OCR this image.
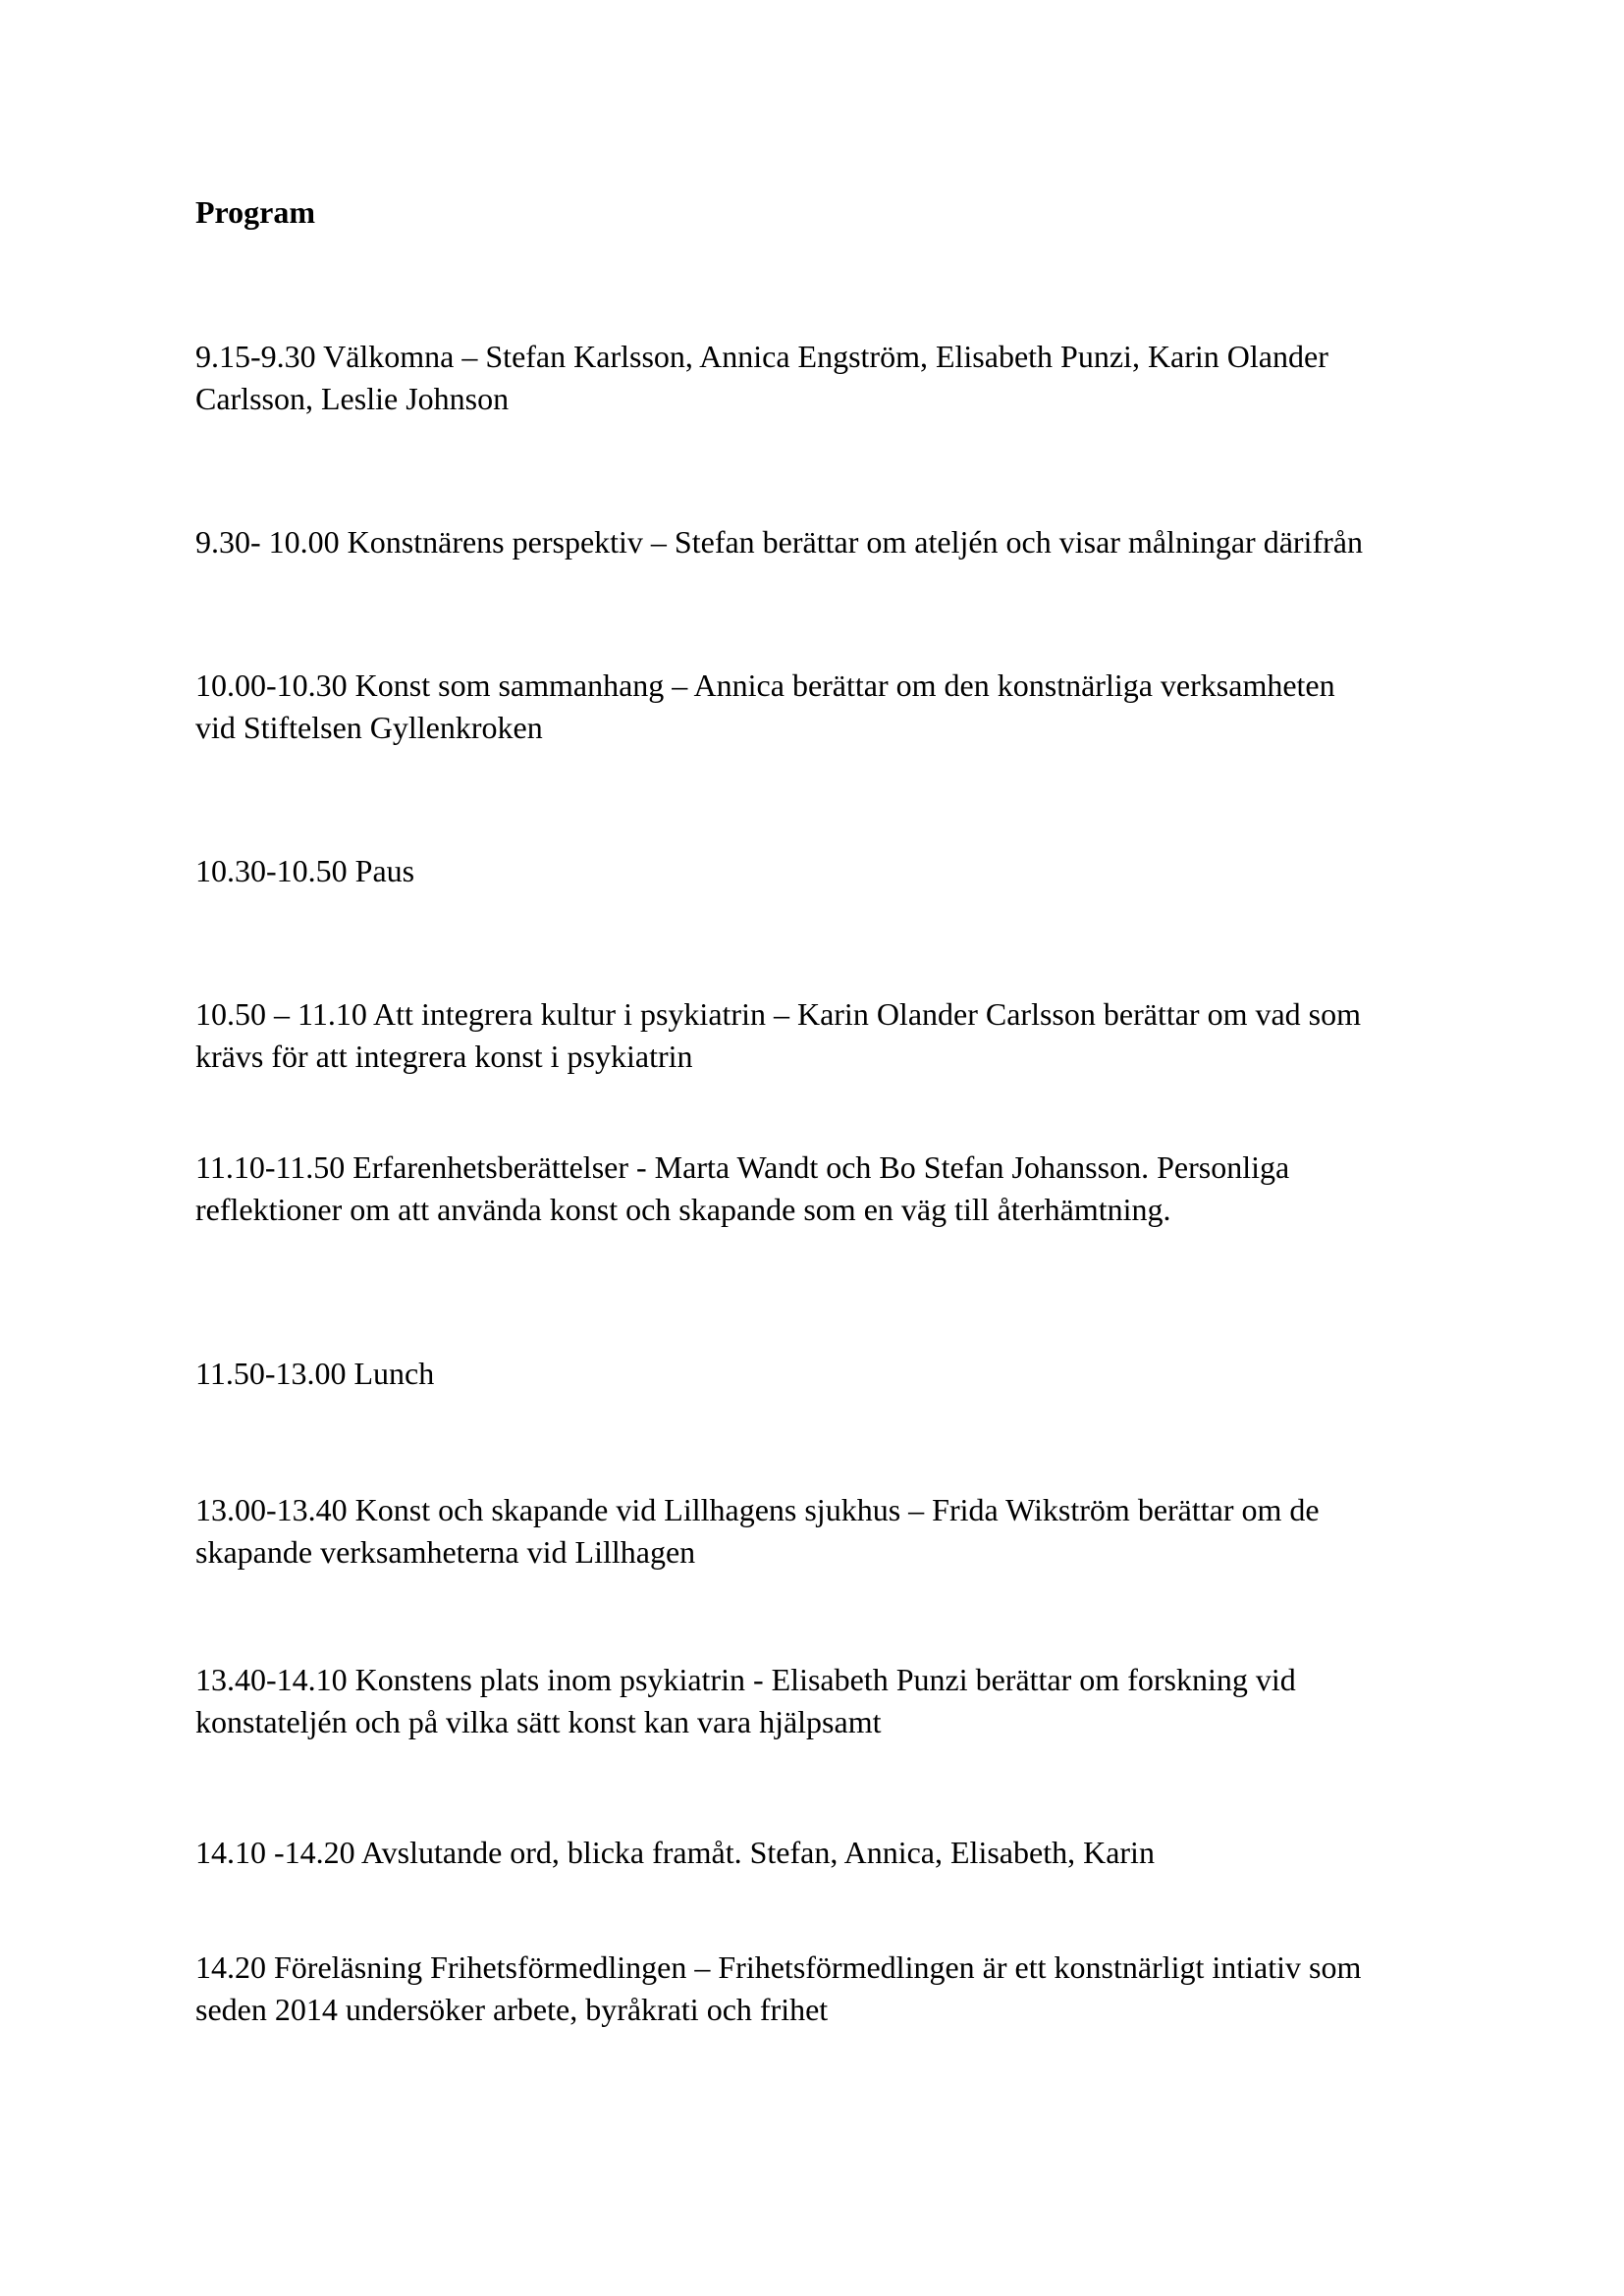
Program

9.15-9.30 Välkomna – Stefan Karlsson, Annica Engström, Elisabeth Punzi, Karin Olander
Carlsson, Leslie Johnson

9.30- 10.00 Konstnärens perspektiv – Stefan berättar om ateljén och visar målningar därifrån

10.00-10.30 Konst som sammanhang – Annica berättar om den konstnärliga verksamheten
vid Stiftelsen Gyllenkroken

10.30-10.50 Paus

10.50 – 11.10 Att integrera kultur i psykiatrin – Karin Olander Carlsson berättar om vad som
krävs för att integrera konst i psykiatrin

11.10-11.50 Erfarenhetsberättelser - Marta Wandt och Bo Stefan Johansson. Personliga
reflektioner om att använda konst och skapande som en väg till återhämtning.

11.50-13.00 Lunch

13.00-13.40 Konst och skapande vid Lillhagens sjukhus – Frida Wikström berättar om de
skapande verksamheterna vid Lillhagen

13.40-14.10 Konstens plats inom psykiatrin - Elisabeth Punzi berättar om forskning vid
konstateljén och på vilka sätt konst kan vara hjälpsamt

14.10 -14.20 Avslutande ord, blicka framåt. Stefan, Annica, Elisabeth, Karin

14.20 Föreläsning Frihetsförmedlingen – Frihetsförmedlingen är ett konstnärligt intiativ som
seden 2014 undersöker arbete, byråkrati och frihet
